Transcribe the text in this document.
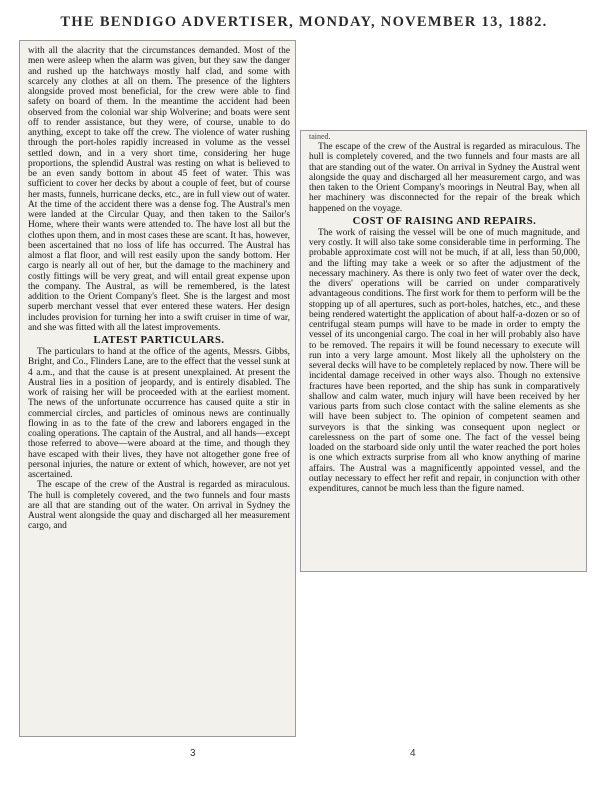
THE BENDIGO ADVERTISER, MONDAY, NOVEMBER 13, 1882.

with all the alacrity that the circumstances demanded. Most of the men were asleep when the alarm was given, but they saw the danger and rushed up the hatchways mostly half clad, and some with scarcely any clothes at all on them. The presence of the lighters alongside proved most beneficial, for the crew were able to find safety on board of them. In the meantime the accident had been observed from the colonial war ship Wolverine; and boats were sent off to render assistance, but they were, of course, unable to do anything, except to take off the crew. The violence of water rushing through the port-holes rapidly increased in volume as the vessel settled down, and in a very short time, considering her huge proportions, the splendid Austral was resting on what is believed to be an even sandy bottom in about 45 feet of water. This was sufficient to cover her decks by about a couple of feet, but of course her masts, funnels, hurricane decks, etc., are in full view out of water. At the time of the accident there was a dense fog. The Austral's men were landed at the Circular Quay, and then taken to the Sailor's Home, where their wants were attended to. The have lost all but the clothes upon them, and in most cases these are scant. It has, however, been ascertained that no loss of life has occurred. The Austral has almost a flat floor, and will rest easily upon the sandy bottom. Her cargo is nearly all out of her, but the damage to the machinery and costly fittings will be very great, and will entail great expense upon the company. The Austral, as will be remembered, is the latest addition to the Orient Company's fleet. She is the largest and most superb merchant vessel that ever entered these waters. Her design includes provision for turning her into a swift cruiser in time of war, and she was fitted with all the latest improvements.

LATEST PARTICULARS.

The particulars to hand at the office of the agents, Messrs. Gibbs, Bright, and Co., Flinders Lane, are to the effect that the vessel sunk at 4 a.m., and that the cause is at present unexplained. At present the Austral lies in a position of jeopardy, and is entirely disabled. The work of raising her will be proceeded with at the earliest moment. The news of the unfortunate occurrence has caused quite a stir in commercial circles, and particles of ominous news are continually flowing in as to the fate of the crew and laborers engaged in the coaling operations. The captain of the Austral, and all hands—except those referred to above—were aboard at the time, and though they have escaped with their lives, they have not altogether gone free of personal injuries, the nature or extent of which, however, are not yet ascertained.

The escape of the crew of the Austral is regarded as miraculous. The hull is completely covered, and the two funnels and four masts are all that are standing out of the water. On arrival in Sydney the Austral went alongside the quay and discharged all her measurement cargo, and

tained.

The escape of the crew of the Austral is regarded as miraculous. The hull is completely covered, and the two funnels and four masts are all that are standing out of the water. On arrival in Sydney the Austral went alongside the quay and discharged all her measurement cargo, and was then taken to the Orient Company's moorings in Neutral Bay, when all her machinery was disconnected for the repair of the break which happened on the voyage.

COST OF RAISING AND REPAIRS.

The work of raising the vessel will be one of much magnitude, and very costly. It will also take some considerable time in performing. The probable approximate cost will not be much, if at all, less than 50,000, and the lifting may take a week or so after the adjustment of the necessary machinery. As there is only two feet of water over the deck, the divers' operations will be carried on under comparatively advantageous conditions. The first work for them to perform will be the stopping up of all apertures, such as port-holes, hatches, etc., and these being rendered watertight the application of about half-a-dozen or so of centrifugal steam pumps will have to be made in order to empty the vessel of its uncongenial cargo. The coal in her will probably also have to be removed. The repairs it will be found necessary to execute will run into a very large amount. Most likely all the upholstery on the several decks will have to be completely replaced by now. There will be incidental damage received in other ways also. Though no extensive fractures have been reported, and the ship has sunk in comparatively shallow and calm water, much injury will have been received by her various parts from such close contact with the saline elements as she will have been subject to. The opinion of competent seamen and surveyors is that the sinking was consequent upon neglect or carelessness on the part of some one. The fact of the vessel being loaded on the starboard side only until the water reached the port holes is one which extracts surprise from all who know anything of marine affairs. The Austral was a magnificently appointed vessel, and the outlay necessary to effect her refit and repair, in conjunction with other expenditures, cannot be much less than the figure named.

3	4
